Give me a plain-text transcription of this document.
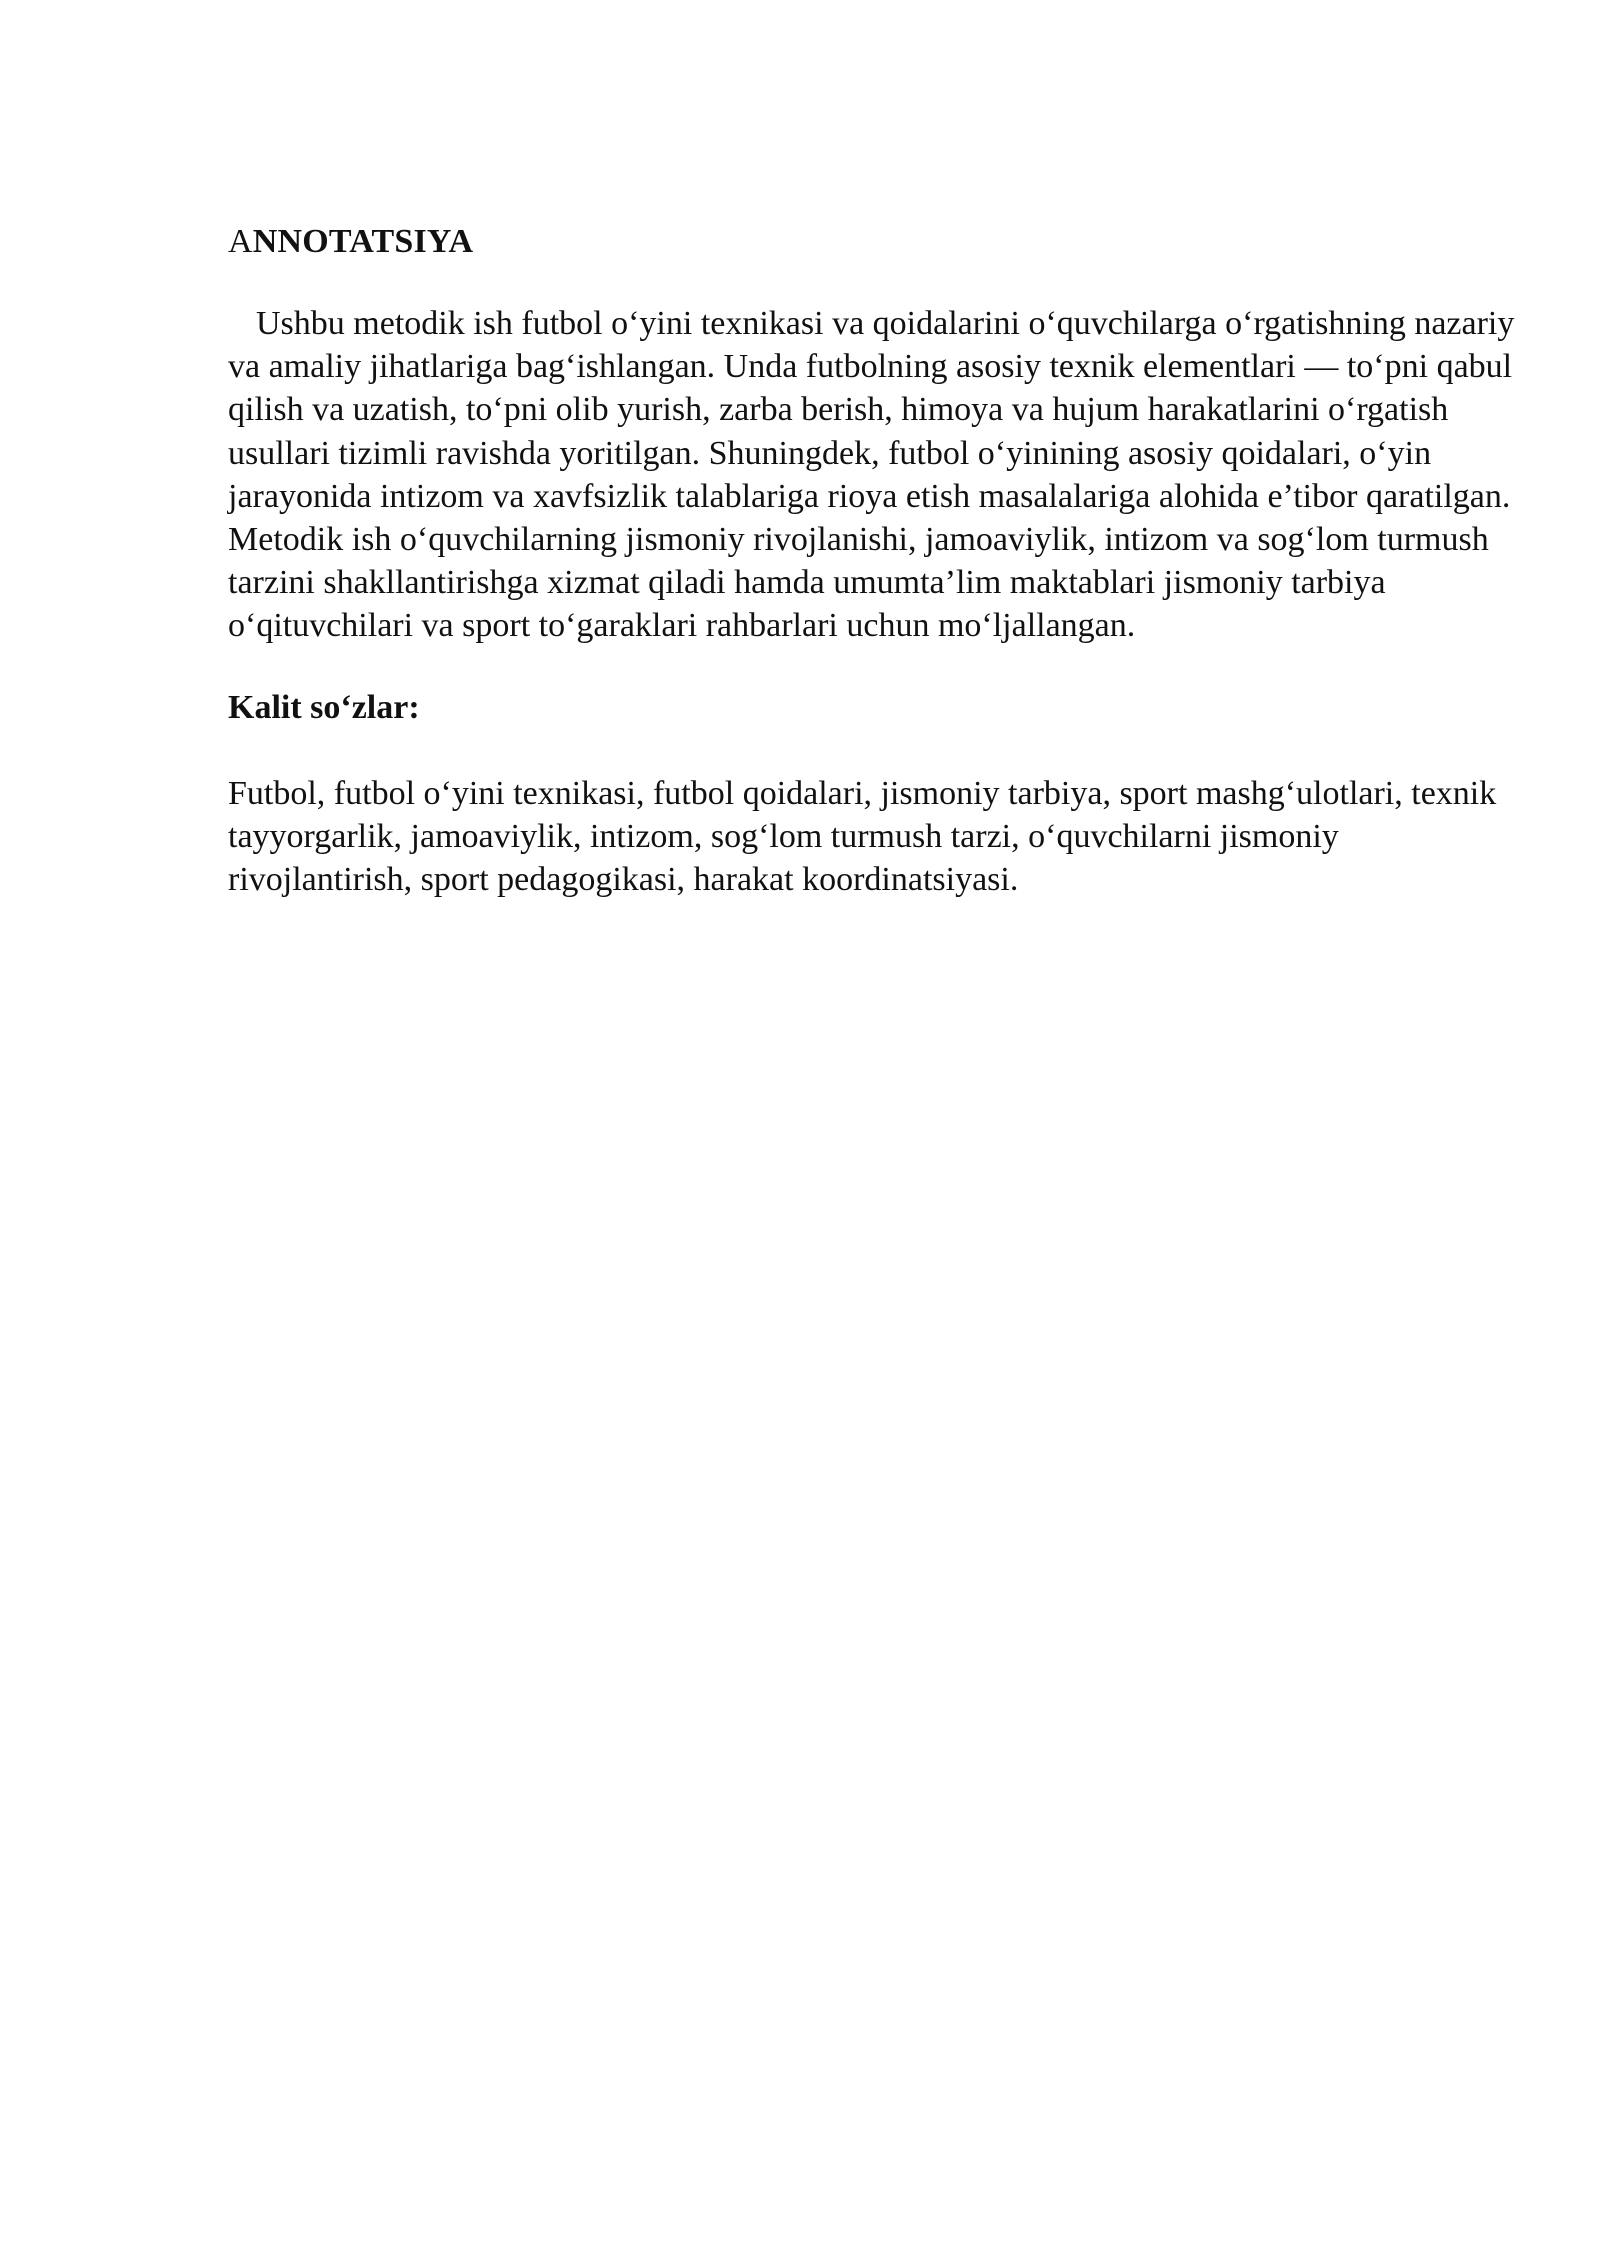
ANNOTATSIYA

Ushbu metodik ish futbol o‘yini texnikasi va qoidalarini o‘quvchilarga o‘rgatishning nazariy va amaliy jihatlariga bag‘ishlangan. Unda futbolning asosiy texnik elementlari — to‘pni qabul qilish va uzatish, to‘pni olib yurish, zarba berish, himoya va hujum harakatlarini o‘rgatish usullari tizimli ravishda yoritilgan. Shuningdek, futbol o‘yinining asosiy qoidalari, o‘yin jarayonida intizom va xavfsizlik talablariga rioya etish masalalariga alohida e’tibor qaratilgan. Metodik ish o‘quvchilarning jismoniy rivojlanishi, jamoaviylik, intizom va sog‘lom turmush tarzini shakllantirishga xizmat qiladi hamda umumta’lim maktablari jismoniy tarbiya o‘qituvchilari va sport to‘garaklari rahbarlari uchun mo‘ljallangan.

Kalit so‘zlar:

Futbol, futbol o‘yini texnikasi, futbol qoidalari, jismoniy tarbiya, sport mashg‘ulotlari, texnik tayyorgarlik, jamoaviylik, intizom, sog‘lom turmush tarzi, o‘quvchilarni jismoniy rivojlantirish, sport pedagogikasi, harakat koordinatsiyasi.
